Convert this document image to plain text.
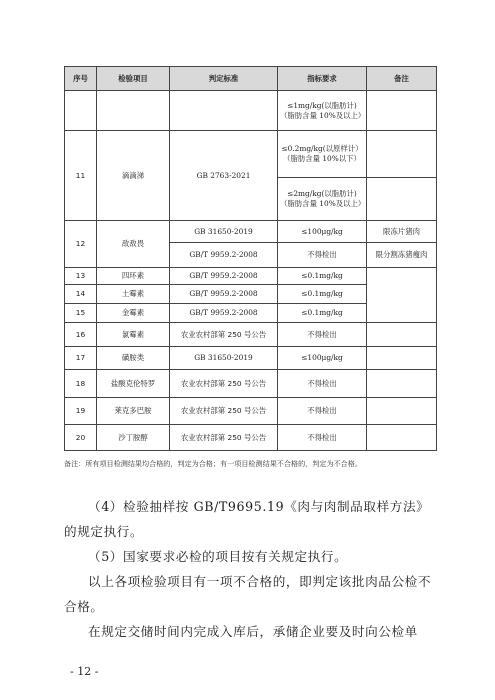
序号	检验项目	判定标准	指标要求	备注
			≤1mg/kg(以脂肪计)（脂肪含量 10%及以上）	
11	滴滴涕	GB 2763-2021	≤0.2mg/kg(以原样计）（脂肪含量 10%以下）	
			≤2mg/kg(以脂肪计)（脂肪含量 10%及以上）	
12	敌敌畏	GB 31650-2019	≤100μg/kg	限冻片猪肉
		GB/T 9959.2-2008	不得检出	限分割冻猪瘦肉
13	四环素	GB/T 9959.2-2008	≤0.1mg/kg	
14	土霉素	GB/T 9959.2-2008	≤0.1mg/kg	
15	金霉素	GB/T 9959.2-2008	≤0.1mg/kg	
16	氯霉素	农业农村部第 250 号公告	不得检出	
17	磺胺类	GB 31650-2019	≤100μg/kg	
18	盐酸克伦特罗	农业农村部第 250 号公告	不得检出	
19	莱克多巴胺	农业农村部第 250 号公告	不得检出	
20	沙丁胺醇	农业农村部第 250 号公告	不得检出	
备注：所有项目检测结果均合格的，判定为合格；有一项目检测结果不合格的，判定为不合格。
（4）检验抽样按 GB/T9695.19《肉与肉制品取样方法》的规定执行。
（5）国家要求必检的项目按有关规定执行。
以上各项检验项目有一项不合格的，即判定该批肉品公检不合格。
在规定交储时间内完成入库后，承储企业要及时向公检单
- 12 -
